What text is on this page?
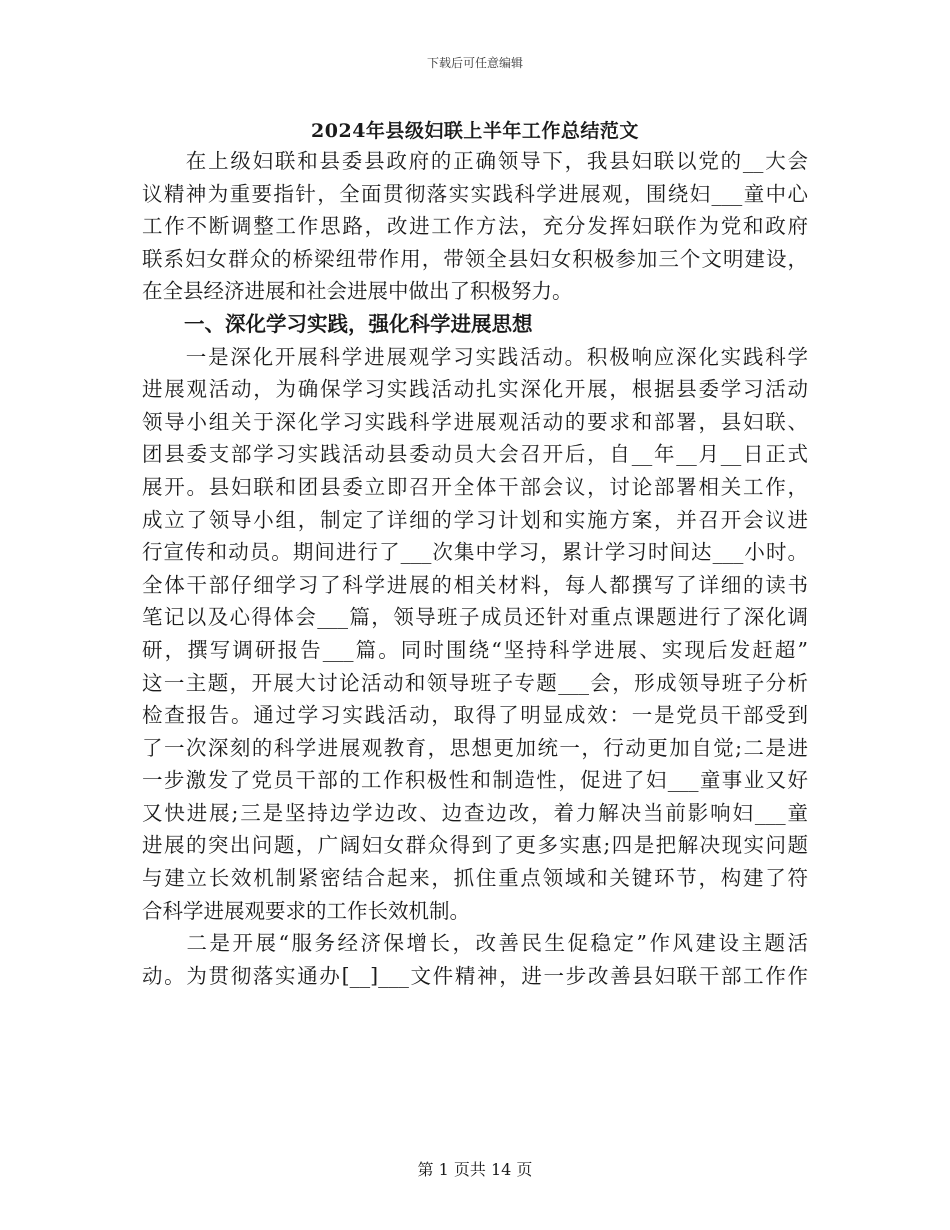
下载后可任意编辑
2024年县级妇联上半年工作总结范文
在上级妇联和县委县政府的正确领导下，我县妇联以党的__大会
议精神为重要指针，全面贯彻落实实践科学进展观，围绕妇___童中心
工作不断调整工作思路，改进工作方法，充分发挥妇联作为党和政府
联系妇女群众的桥梁纽带作用，带领全县妇女积极参加三个文明建设，
在全县经济进展和社会进展中做出了积极努力。
一、深化学习实践，强化科学进展思想
一是深化开展科学进展观学习实践活动。积极响应深化实践科学
进展观活动，为确保学习实践活动扎实深化开展，根据县委学习活动
领导小组关于深化学习实践科学进展观活动的要求和部署，县妇联、
团县委支部学习实践活动县委动员大会召开后，自__年__月__日正式
展开。县妇联和团县委立即召开全体干部会议，讨论部署相关工作，
成立了领导小组，制定了详细的学习计划和实施方案，并召开会议进
行宣传和动员。期间进行了___次集中学习，累计学习时间达___小时。
全体干部仔细学习了科学进展的相关材料，每人都撰写了详细的读书
笔记以及心得体会___篇，领导班子成员还针对重点课题进行了深化调
研，撰写调研报告___篇。同时围绕“坚持科学进展、实现后发赶超”
这一主题，开展大讨论活动和领导班子专题___会，形成领导班子分析
检查报告。通过学习实践活动，取得了明显成效：一是党员干部受到
了一次深刻的科学进展观教育，思想更加统一，行动更加自觉;二是进
一步激发了党员干部的工作积极性和制造性，促进了妇___童事业又好
又快进展;三是坚持边学边改、边查边改，着力解决当前影响妇___童
进展的突出问题，广阔妇女群众得到了更多实惠;四是把解决现实问题
与建立长效机制紧密结合起来，抓住重点领域和关键环节，构建了符
合科学进展观要求的工作长效机制。
二是开展“服务经济保增长，改善民生促稳定”作风建设主题活
动。为贯彻落实通办[__]___文件精神，进一步改善县妇联干部工作作
第 1 页共 14 页
